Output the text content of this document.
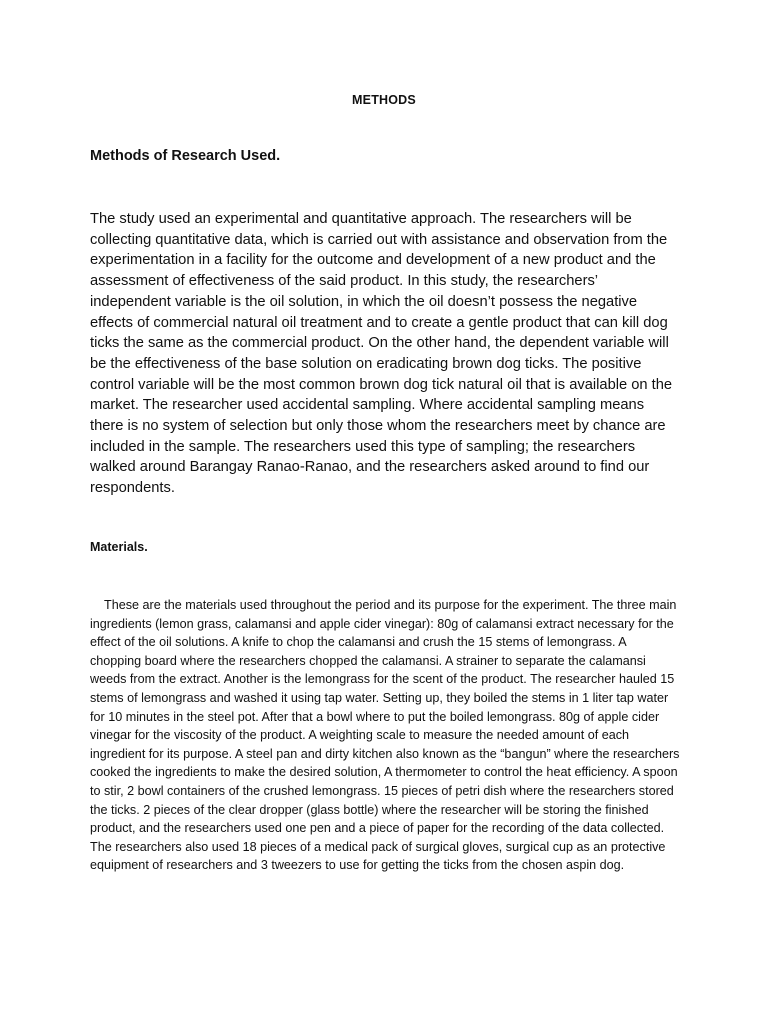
METHODS
Methods of Research Used.

The study used an experimental and quantitative approach. The researchers will be collecting quantitative data, which is carried out with assistance and observation from the experimentation in a facility for the outcome and development of a new product and the assessment of effectiveness of the said product. In this study, the researchers’ independent variable is the oil solution, in which the oil doesn’t possess the negative effects of commercial natural oil treatment and to create a gentle product that can kill dog ticks the same as the commercial product. On the other hand, the dependent variable will be the effectiveness of the base solution on eradicating brown dog ticks. The positive control variable will be the most common brown dog tick natural oil that is available on the market. The researcher used accidental sampling. Where accidental sampling means there is no system of selection but only those whom the researchers meet by chance are included in the sample. The researchers used this type of sampling; the researchers walked around Barangay Ranao-Ranao, and the researchers asked around to find our respondents.

Materials.

These are the materials used throughout the period and its purpose for the experiment. The three main ingredients (lemon grass, calamansi and apple cider vinegar): 80g of calamansi extract necessary for the effect of the oil solutions. A knife to chop the calamansi and crush the 15 stems of lemongrass. A chopping board where the researchers chopped the calamansi. A strainer to separate the calamansi weeds from the extract. Another is the lemongrass for the scent of the product. The researcher hauled 15 stems of lemongrass and washed it using tap water. Setting up, they boiled the stems in 1 liter tap water for 10 minutes in the steel pot. After that a bowl where to put the boiled lemongrass. 80g of apple cider vinegar for the viscosity of the product. A weighting scale to measure the needed amount of each ingredient for its purpose. A steel pan and dirty kitchen also known as the “bangun” where the researchers cooked the ingredients to make the desired solution, A thermometer to control the heat efficiency. A spoon to stir, 2 bowl containers of the crushed lemongrass. 15 pieces of petri dish where the researchers stored the ticks. 2 pieces of the clear dropper (glass bottle) where the researcher will be storing the finished product, and the researchers used one pen and a piece of paper for the recording of the data collected. The researchers also used 18 pieces of a medical pack of surgical gloves, surgical cup as an protective equipment of researchers and 3 tweezers to use for getting the ticks from the chosen aspin dog.
